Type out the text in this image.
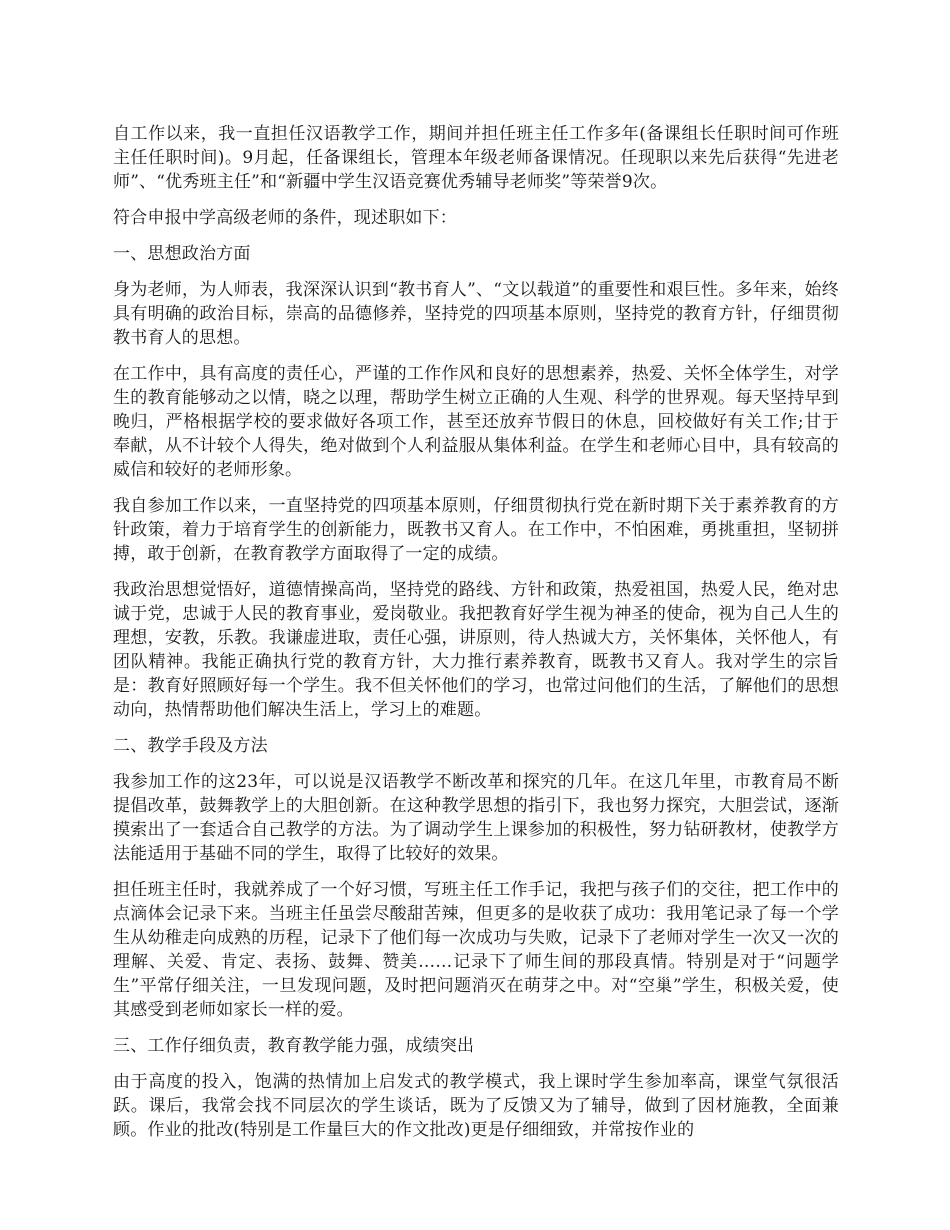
自工作以来，我一直担任汉语教学工作，期间并担任班主任工作多年(备课组长任职时间可作班主任任职时间)。9月起，任备课组长，管理本年级老师备课情况。任现职以来先后获得“先进老师”、“优秀班主任”和“新疆中学生汉语竞赛优秀辅导老师奖”等荣誉9次。

符合申报中学高级老师的条件，现述职如下：

一、思想政治方面

身为老师，为人师表，我深深认识到“教书育人”、“文以载道”的重要性和艰巨性。多年来，始终具有明确的政治目标，崇高的品德修养，坚持党的四项基本原则，坚持党的教育方针，仔细贯彻教书育人的思想。

在工作中，具有高度的责任心，严谨的工作作风和良好的思想素养，热爱、关怀全体学生，对学生的教育能够动之以情，晓之以理，帮助学生树立正确的人生观、科学的世界观。每天坚持早到晚归，严格根据学校的要求做好各项工作，甚至还放弃节假日的休息，回校做好有关工作;甘于奉献，从不计较个人得失，绝对做到个人利益服从集体利益。在学生和老师心目中，具有较高的威信和较好的老师形象。

我自参加工作以来，一直坚持党的四项基本原则，仔细贯彻执行党在新时期下关于素养教育的方针政策，着力于培育学生的创新能力，既教书又育人。在工作中，不怕困难，勇挑重担，坚韧拼搏，敢于创新，在教育教学方面取得了一定的成绩。

我政治思想觉悟好，道德情操高尚，坚持党的路线、方针和政策，热爱祖国，热爱人民，绝对忠诚于党，忠诚于人民的教育事业，爱岗敬业。我把教育好学生视为神圣的使命，视为自己人生的理想，安教，乐教。我谦虚进取，责任心强，讲原则，待人热诚大方，关怀集体，关怀他人，有团队精神。我能正确执行党的教育方针，大力推行素养教育，既教书又育人。我对学生的宗旨是：教育好照顾好每一个学生。我不但关怀他们的学习，也常过问他们的生活，了解他们的思想动向，热情帮助他们解决生活上，学习上的难题。

二、教学手段及方法

我参加工作的这23年，可以说是汉语教学不断改革和探究的几年。在这几年里，市教育局不断提倡改革，鼓舞教学上的大胆创新。在这种教学思想的指引下，我也努力探究，大胆尝试，逐渐摸索出了一套适合自己教学的方法。为了调动学生上课参加的积极性，努力钻研教材，使教学方法能适用于基础不同的学生，取得了比较好的效果。

担任班主任时，我就养成了一个好习惯，写班主任工作手记，我把与孩子们的交往，把工作中的点滴体会记录下来。当班主任虽尝尽酸甜苦辣，但更多的是收获了成功：我用笔记录了每一个学生从幼稚走向成熟的历程，记录下了他们每一次成功与失败，记录下了老师对学生一次又一次的理解、关爱、肯定、表扬、鼓舞、赞美……记录下了师生间的那段真情。特别是对于“问题学生”平常仔细关注，一旦发现问题，及时把问题消灭在萌芽之中。对“空巢”学生，积极关爱，使其感受到老师如家长一样的爱。

三、工作仔细负责，教育教学能力强，成绩突出

由于高度的投入，饱满的热情加上启发式的教学模式，我上课时学生参加率高，课堂气氛很活跃。课后，我常会找不同层次的学生谈话，既为了反馈又为了辅导，做到了因材施教，全面兼顾。作业的批改(特别是工作量巨大的作文批改)更是仔细细致，并常按作业的
